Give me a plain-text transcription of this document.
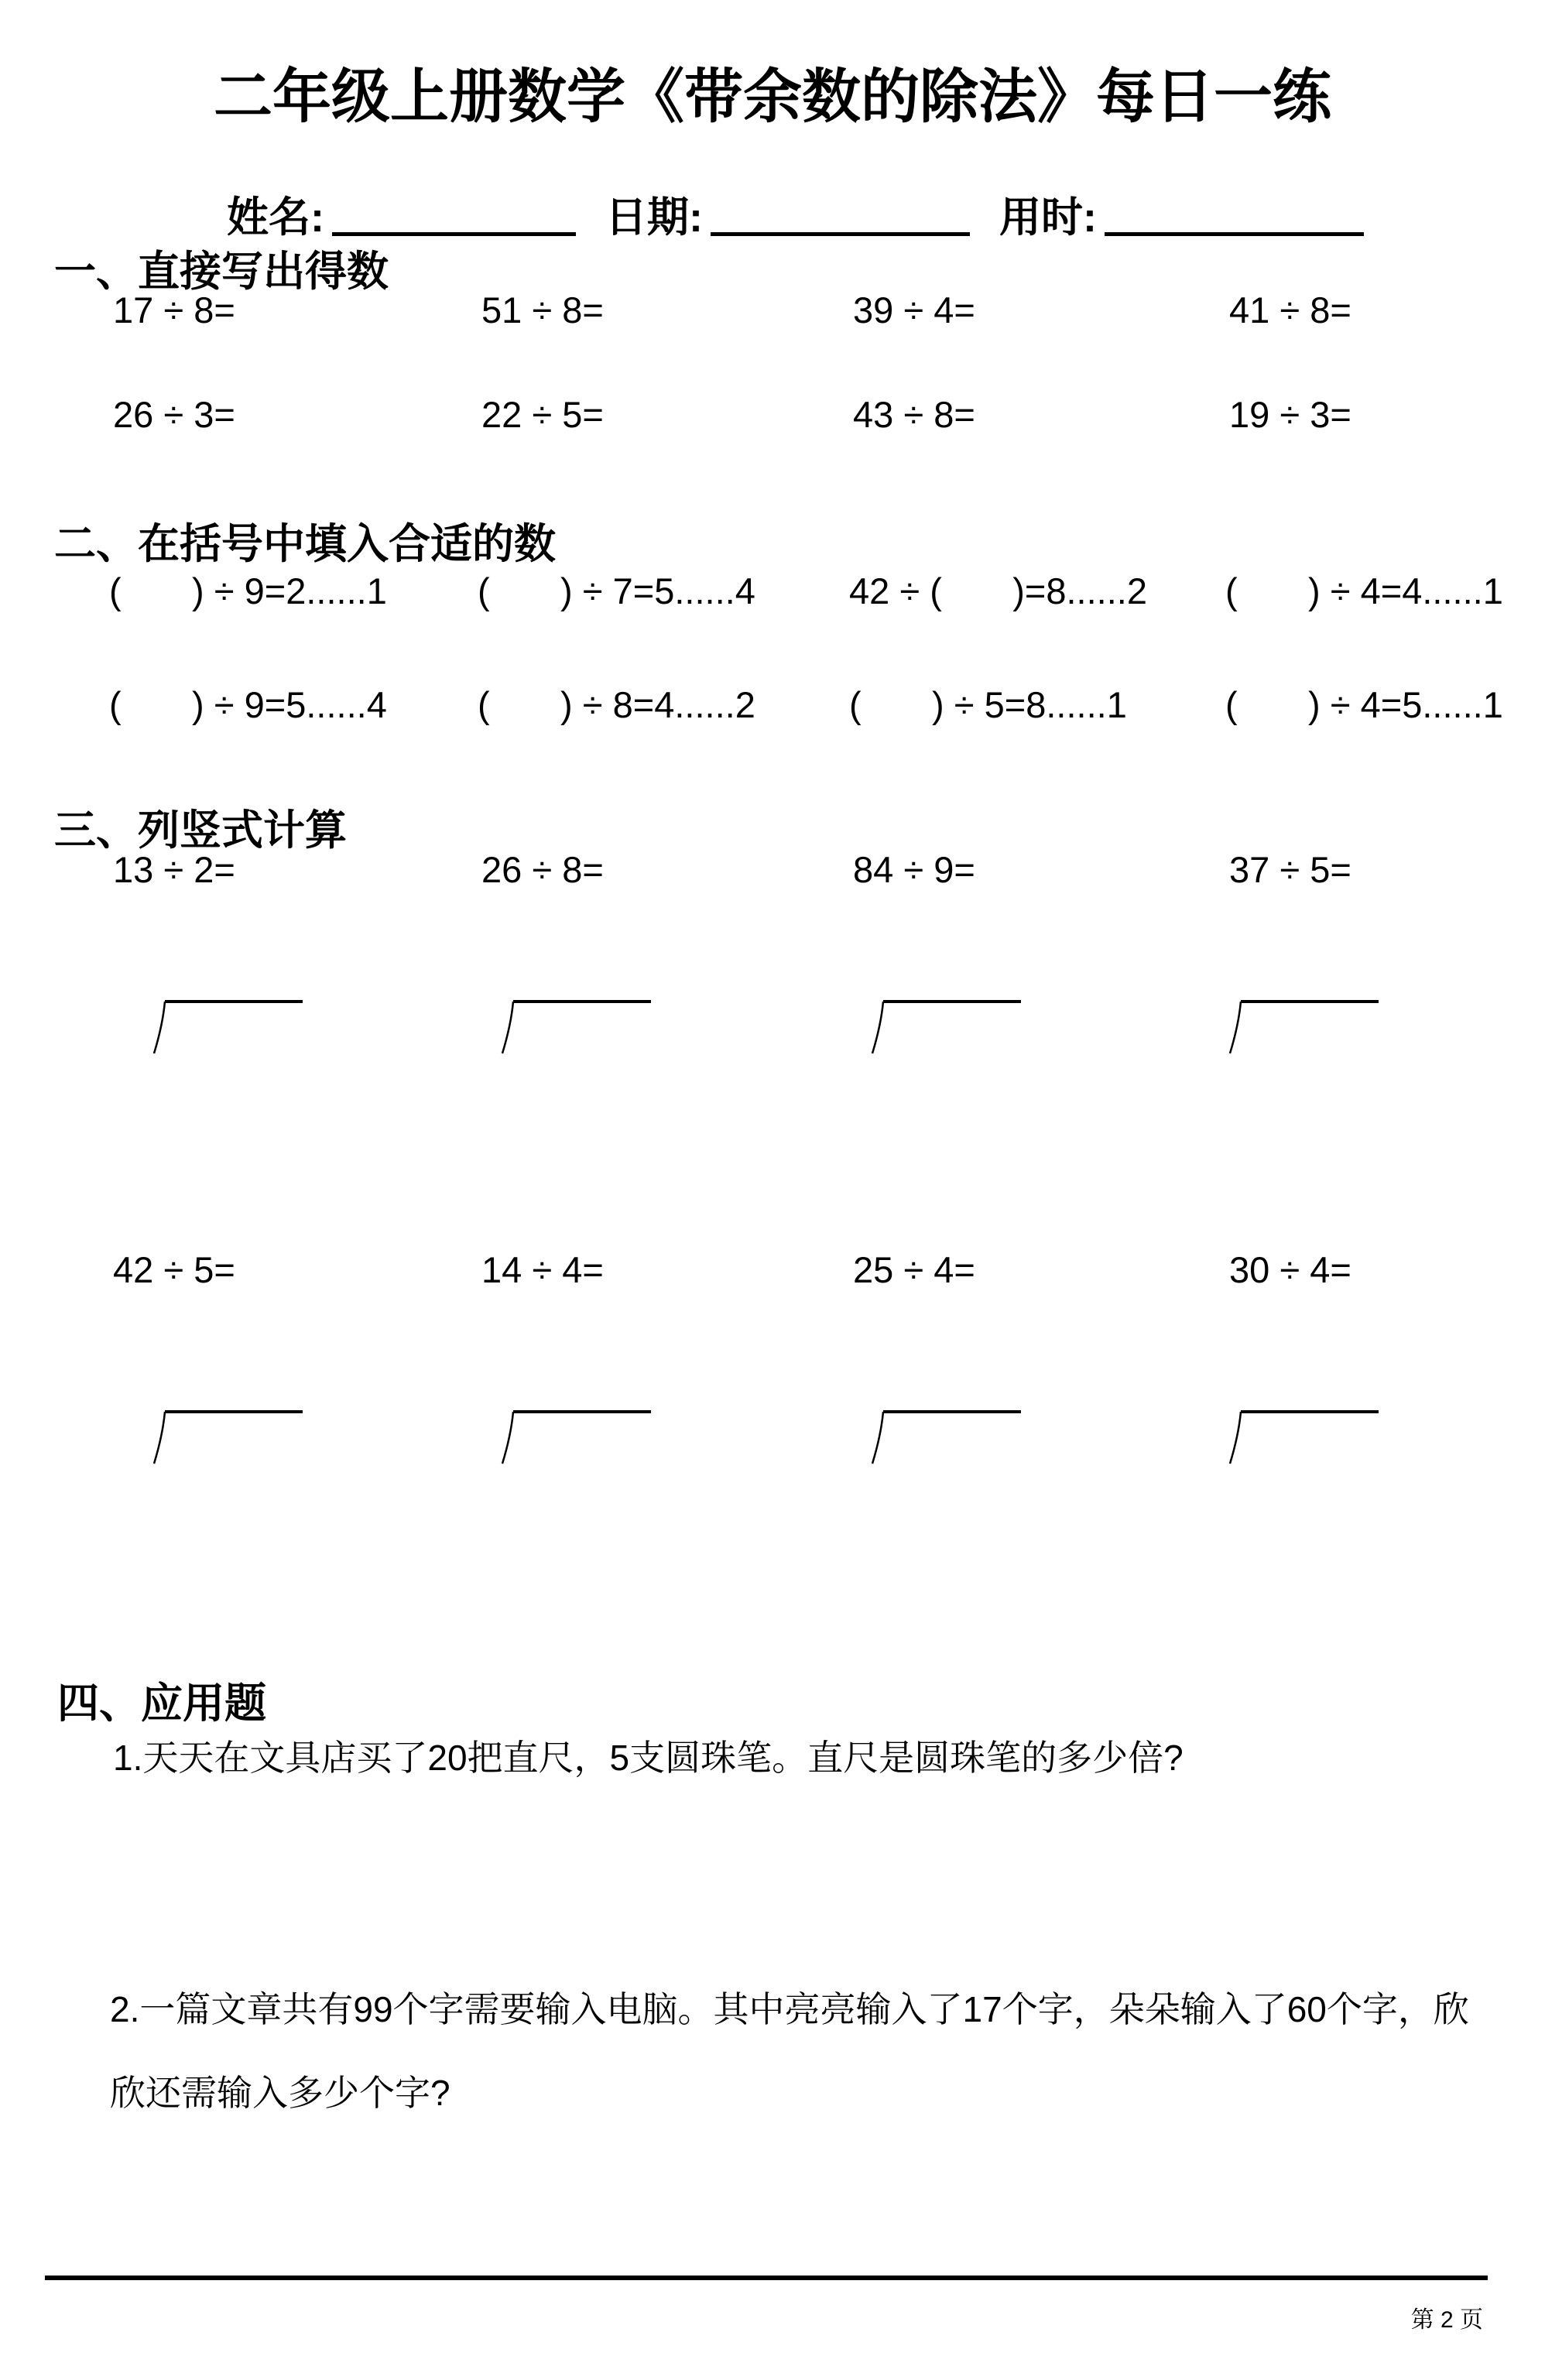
二年级上册数学《带余数的除法》每日一练
姓名:	日期:	用时:
一、直接写出得数
17 ÷ 8=	51 ÷ 8=	39 ÷ 4=	41 ÷ 8=
26 ÷ 3=	22 ÷ 5=	43 ÷ 8=	19 ÷ 3=
二、在括号中填入合适的数
(       ) ÷ 9=2......1	(       ) ÷ 7=5......4	42 ÷ (       )=8......2	(       ) ÷ 4=4......1
(       ) ÷ 9=5......4	(       ) ÷ 8=4......2	(       ) ÷ 5=8......1	(       ) ÷ 4=5......1
三、列竖式计算
13 ÷ 2=	26 ÷ 8=	84 ÷ 9=	37 ÷ 5=
42 ÷ 5=	14 ÷ 4=	25 ÷ 4=	30 ÷ 4=
四、应用题

1.天天在文具店买了20把直尺，5支圆珠笔。直尺是圆珠笔的多少倍?

2.一篇文章共有99个字需要输入电脑。其中亮亮输入了17个字，朵朵输入了60个字，欣

欣还需输入多少个字?

第 2 页
